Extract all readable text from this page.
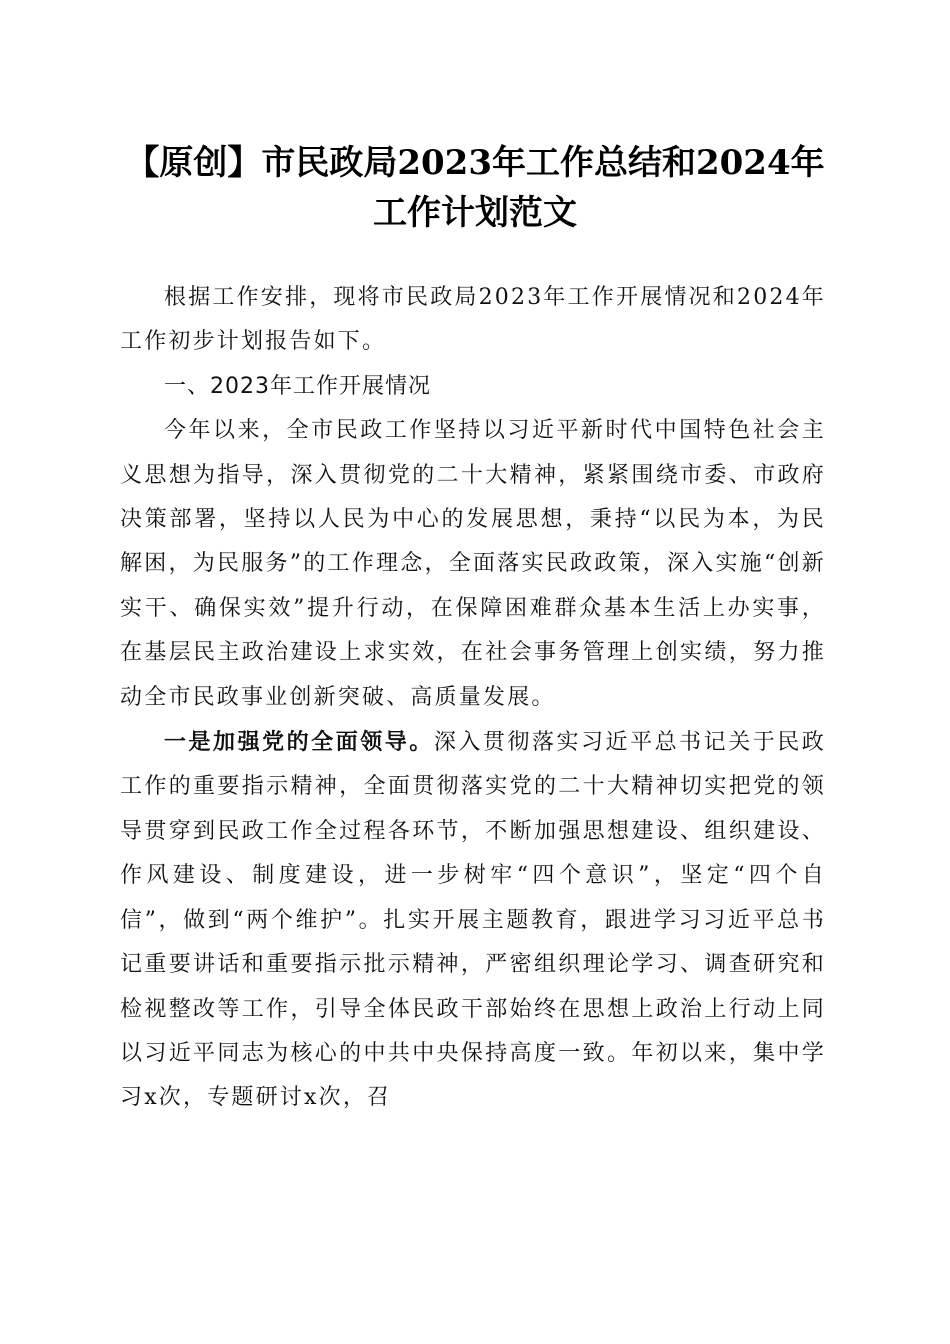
【原创】市民政局2023年工作总结和2024年
工作计划范文

根据工作安排，现将市民政局2023年工作开展情况和2024年工作初步计划报告如下。

一、2023年工作开展情况

今年以来，全市民政工作坚持以习近平新时代中国特色社会主义思想为指导，深入贯彻党的二十大精神，紧紧围绕市委、市政府决策部署，坚持以人民为中心的发展思想，秉持“以民为本，为民解困，为民服务”的工作理念，全面落实民政政策，深入实施“创新实干、确保实效”提升行动，在保障困难群众基本生活上办实事，在基层民主政治建设上求实效，在社会事务管理上创实绩，努力推动全市民政事业创新突破、高质量发展。

一是加强党的全面领导。深入贯彻落实习近平总书记关于民政工作的重要指示精神，全面贯彻落实党的二十大精神切实把党的领导贯穿到民政工作全过程各环节，不断加强思想建设、组织建设、作风建设、制度建设，进一步树牢“四个意识”，坚定“四个自信”，做到“两个维护”。扎实开展主题教育，跟进学习习近平总书记重要讲话和重要指示批示精神，严密组织理论学习、调查研究和检视整改等工作，引导全体民政干部始终在思想上政治上行动上同以习近平同志为核心的中共中央保持高度一致。年初以来，集中学习x次，专题研讨x次，召
